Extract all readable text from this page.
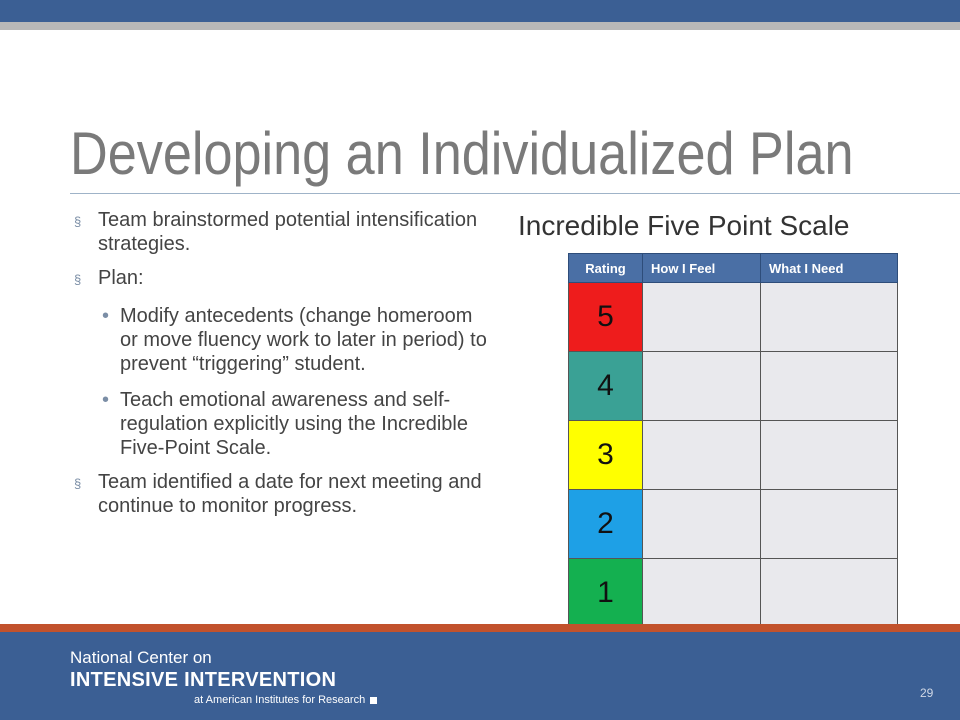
Developing an Individualized Plan
§ Team brainstormed potential intensification strategies.
§ Plan:
• Modify antecedents (change homeroom or move fluency work to later in period) to prevent “triggering” student.
• Teach emotional awareness and self-regulation explicitly using the Incredible Five-Point Scale.
§ Team identified a date for next meeting and continue to monitor progress.
Incredible Five Point Scale
Rating	How I Feel	What I Need
5		
4		
3		
2		
1		
National Center on
INTENSIVE INTERVENTION
at American Institutes for Research	29
